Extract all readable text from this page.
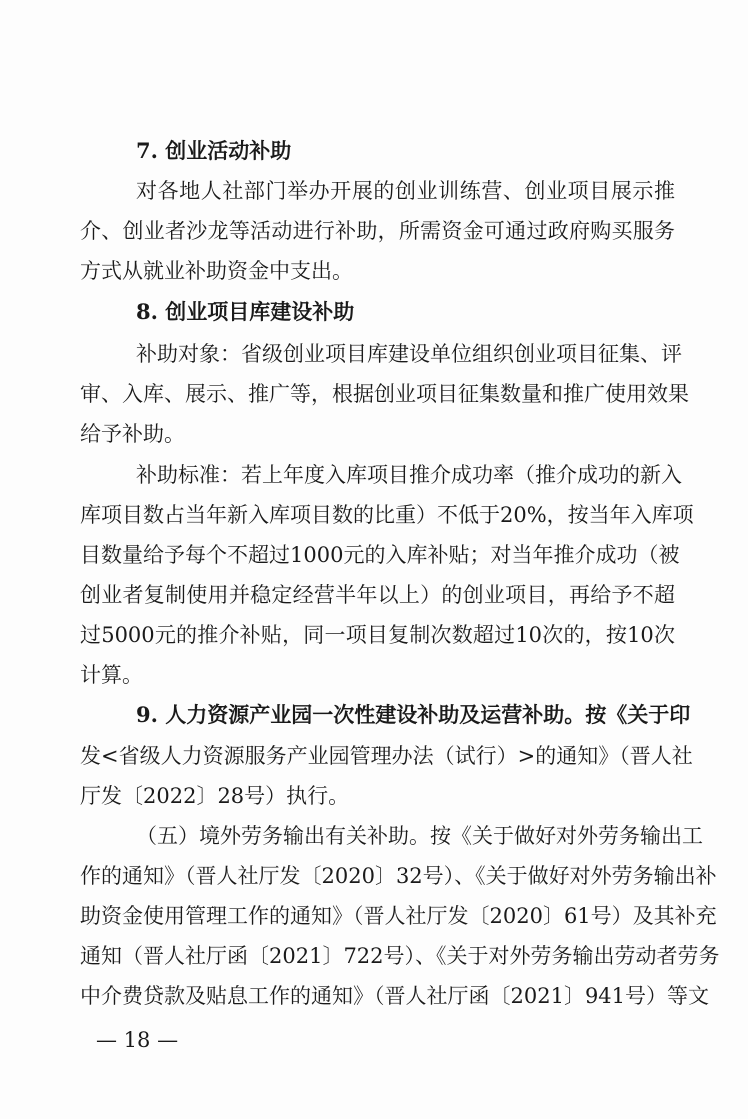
7. 创业活动补助
对各地人社部门举办开展的创业训练营、创业项目展示推
介、创业者沙龙等活动进行补助，所需资金可通过政府购买服务
方式从就业补助资金中支出。
8. 创业项目库建设补助
补助对象：省级创业项目库建设单位组织创业项目征集、评
审、入库、展示、推广等，根据创业项目征集数量和推广使用效果
给予补助。
补助标准：若上年度入库项目推介成功率（推介成功的新入
库项目数占当年新入库项目数的比重）不低于20%，按当年入库项
目数量给予每个不超过1000元的入库补贴；对当年推介成功（被
创业者复制使用并稳定经营半年以上）的创业项目，再给予不超
过5000元的推介补贴，同一项目复制次数超过10次的，按10次
计算。
9. 人力资源产业园一次性建设补助及运营补助。按《关于印
发<省级人力资源服务产业园管理办法（试行）>的通知》（晋人社
厅发〔2022〕28号）执行。
（五）境外劳务输出有关补助。按《关于做好对外劳务输出工
作的通知》（晋人社厅发〔2020〕32号）、《关于做好对外劳务输出补
助资金使用管理工作的通知》（晋人社厅发〔2020〕61号）及其补充
通知（晋人社厅函〔2021〕722号）、《关于对外劳务输出劳动者劳务
中介费贷款及贴息工作的通知》（晋人社厅函〔2021〕941号）等文
— 18 —
